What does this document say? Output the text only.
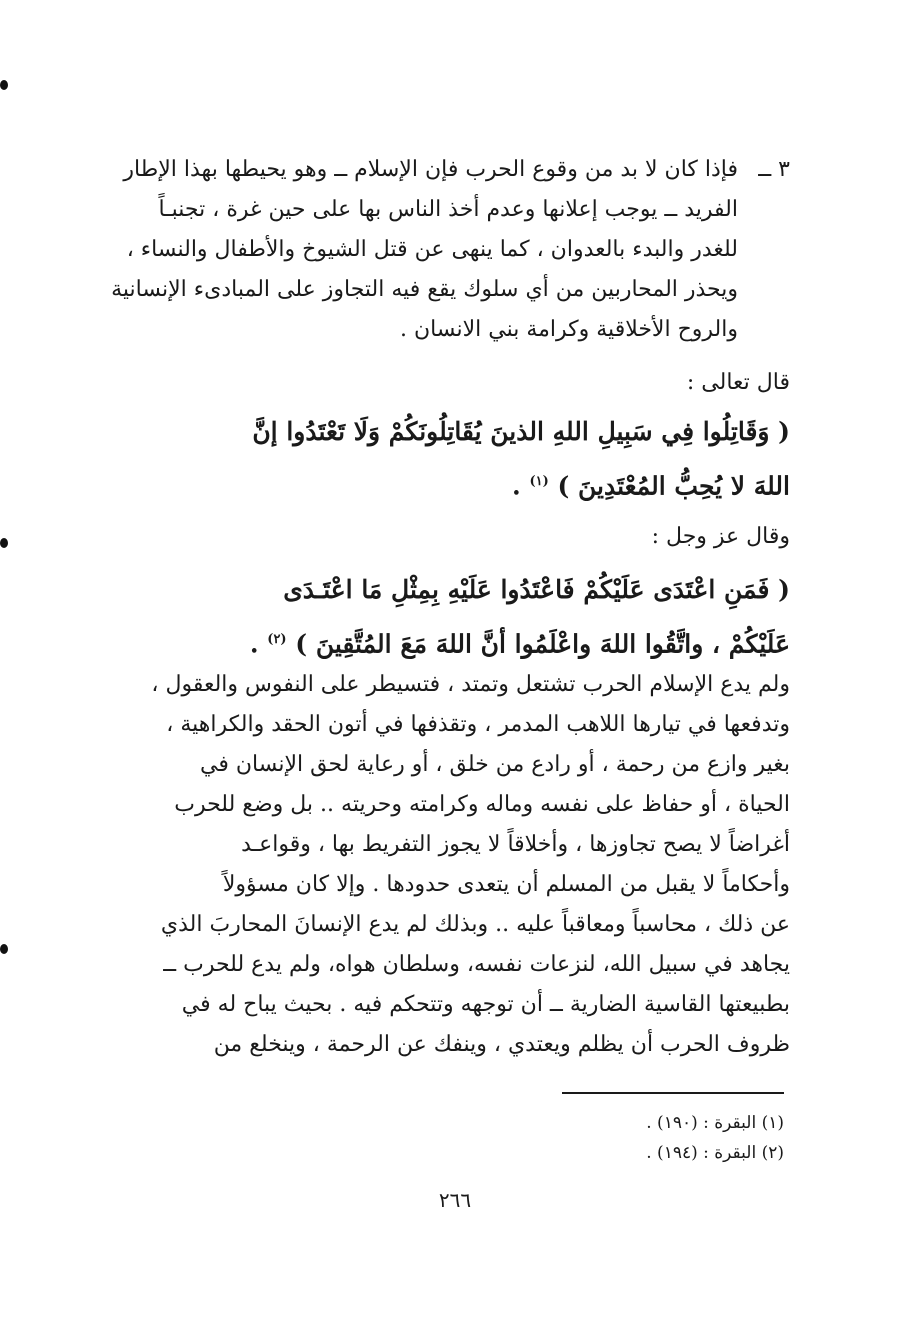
٣ ــفإذا كان لا بد من وقوع الحرب فإن الإسلام ــ وهو يحيطها بهذا الإطار
الفريد ــ يوجب إعلانها وعدم أخذ الناس بها على حين غرة ، تجنبـاً
للغدر والبدء بالعدوان ، كما ينهى عن قتل الشيوخ والأطفال والنساء ،
ويحذر المحاربين من أي سلوك يقع فيه التجاوز على المبادىء الإنسانية
والروح الأخلاقية وكرامة بني الانسان .
قال تعالى :
( وَقَاتِلُوا فِي سَبِيلِ اللهِ الذينَ يُقَاتِلُونَكُمْ وَلَا تَعْتَدُوا إنَّ
اللهَ لا يُحِبُّ المُعْتَدِينَ ) $^{(١)}$ .
وقال عز وجل :
( فَمَنِ اعْتَدَى عَلَيْكُمْ فَاعْتَدُوا عَلَيْهِ بِمِثْلِ مَا اعْتَـدَى
عَلَيْكُمْ ، واتَّقُوا اللهَ واعْلَمُوا أنَّ اللهَ مَعَ المُتَّقِينَ ) $^{(٢)}$ .
ولم يدع الإسلام الحرب تشتعل وتمتد ، فتسيطر على النفوس والعقول ،
وتدفعها في تيارها اللاهب المدمر ، وتقذفها في أتون الحقد والكراهية ،
بغير وازع من رحمة ، أو رادع من خلق ، أو رعاية لحق الإنسان في
الحياة ، أو حفاظ على نفسه وماله وكرامته وحريته .. بل وضع للحرب
أغراضاً لا يصح تجاوزها ، وأخلاقاً لا يجوز التفريط بها ، وقواعـد
وأحكاماً لا يقبل من المسلم أن يتعدى حدودها . وإلا كان مسؤولاً
عن ذلك ، محاسباً ومعاقباً عليه .. وبذلك لم يدع الإنسانَ المحاربَ الذي
يجاهد في سبيل الله، لنزعات نفسه، وسلطان هواه، ولم يدع للحرب ــ
بطبيعتها القاسية الضارية ــ أن توجهه وتتحكم فيه . بحيث يباح له في
ظروف الحرب أن يظلم ويعتدي ، وينفك عن الرحمة ، وينخلع من
(١) البقرة : (١٩٠) .
(٢) البقرة : (١٩٤) .
٢٦٦
